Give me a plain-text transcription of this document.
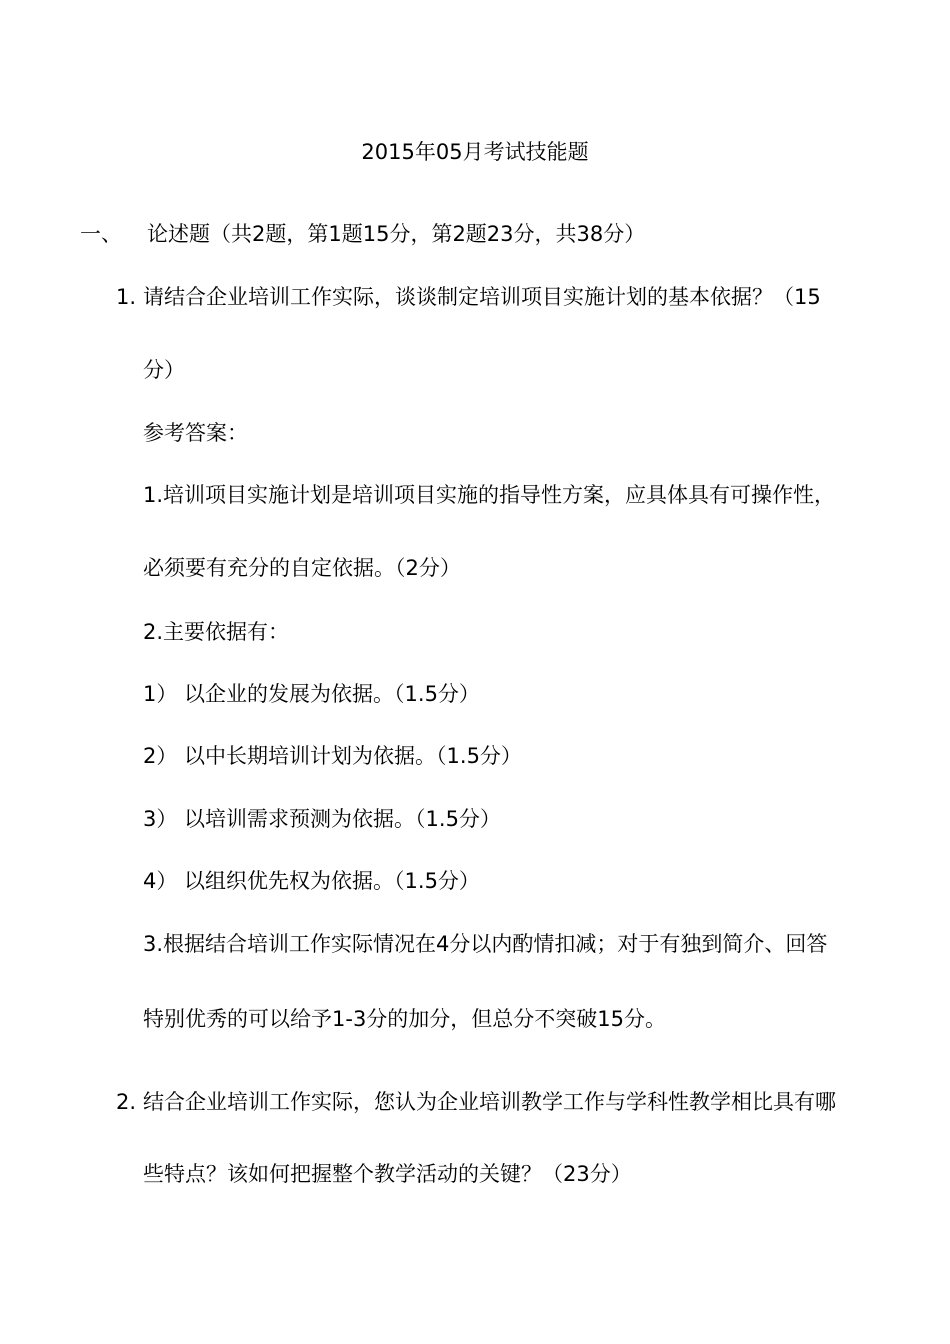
2015年05月考试技能题
一、 论述题（共2题，第1题15分，第2题23分，共38分）
1. 请结合企业培训工作实际，谈谈制定培训项目实施计划的基本依据？（15
分）
参考答案：
1.培训项目实施计划是培训项目实施的指导性方案，应具体具有可操作性，
必须要有充分的自定依据。（2分）
2.主要依据有：
1） 以企业的发展为依据。（1.5分）
2） 以中长期培训计划为依据。（1.5分）
3） 以培训需求预测为依据。（1.5分）
4） 以组织优先权为依据。（1.5分）
3.根据结合培训工作实际情况在4分以内酌情扣减；对于有独到简介、回答
特别优秀的可以给予1-3分的加分，但总分不突破15分。
2. 结合企业培训工作实际，您认为企业培训教学工作与学科性教学相比具有哪
些特点？该如何把握整个教学活动的关键？（23分）
